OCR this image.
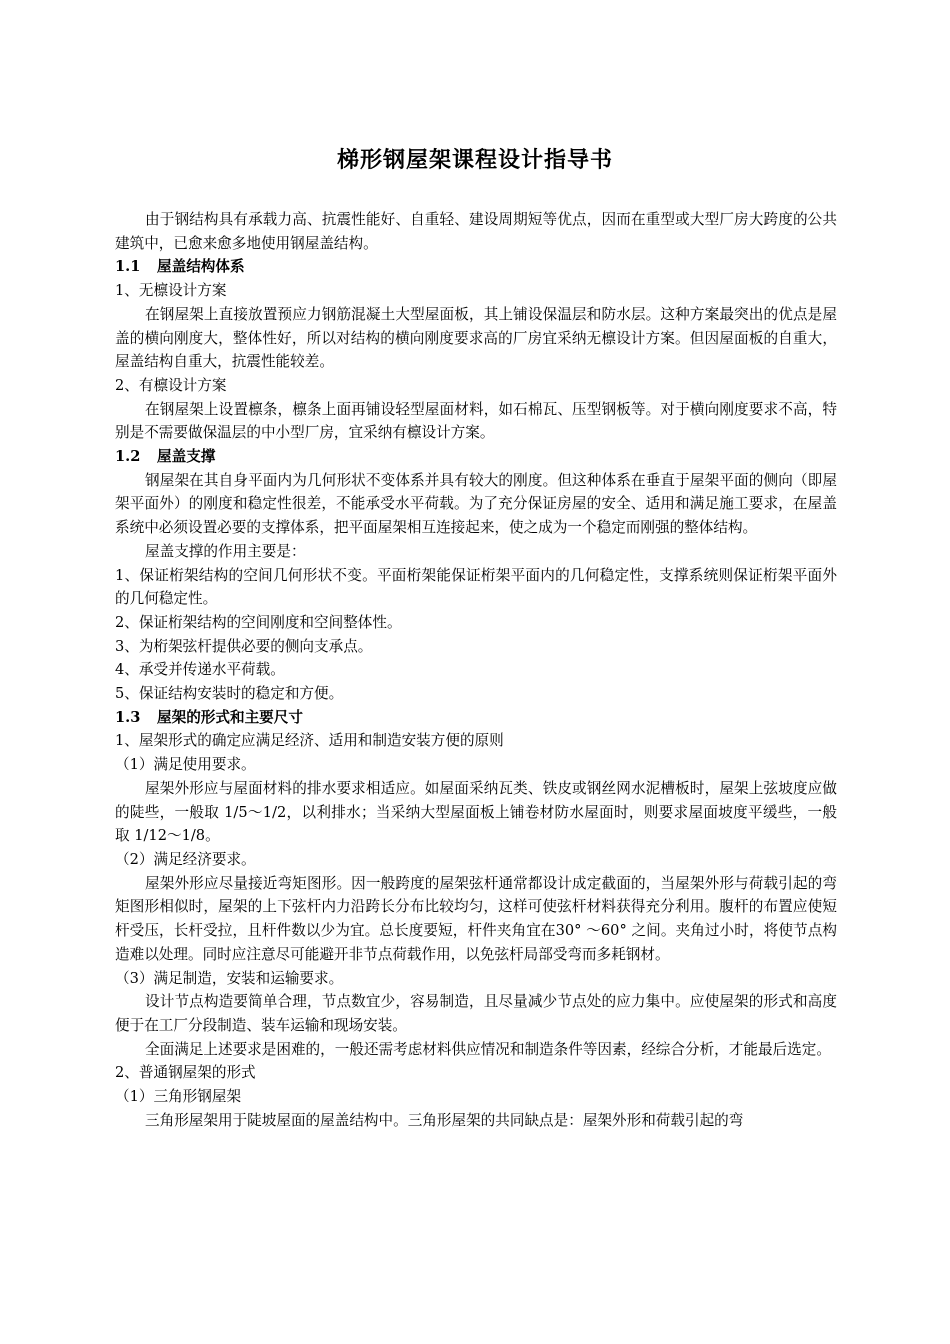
梯形钢屋架课程设计指导书

由于钢结构具有承载力高、抗震性能好、自重轻、建设周期短等优点，因而在重型或大型厂房大跨度的公共建筑中，已愈来愈多地使用钢屋盖结构。

1.1 屋盖结构体系

1、无檩设计方案

在钢屋架上直接放置预应力钢筋混凝土大型屋面板，其上铺设保温层和防水层。这种方案最突出的优点是屋盖的横向刚度大，整体性好，所以对结构的横向刚度要求高的厂房宜采纳无檩设计方案。但因屋面板的自重大，屋盖结构自重大，抗震性能较差。

2、有檩设计方案

在钢屋架上设置檩条，檩条上面再铺设轻型屋面材料，如石棉瓦、压型钢板等。对于横向刚度要求不高，特别是不需要做保温层的中小型厂房，宜采纳有檩设计方案。

1.2 屋盖支撑

钢屋架在其自身平面内为几何形状不变体系并具有较大的刚度。但这种体系在垂直于屋架平面的侧向（即屋架平面外）的刚度和稳定性很差，不能承受水平荷载。为了充分保证房屋的安全、适用和满足施工要求，在屋盖系统中必须设置必要的支撑体系，把平面屋架相互连接起来，使之成为一个稳定而刚强的整体结构。

屋盖支撑的作用主要是：

1、保证桁架结构的空间几何形状不变。平面桁架能保证桁架平面内的几何稳定性，支撑系统则保证桁架平面外的几何稳定性。

2、保证桁架结构的空间刚度和空间整体性。

3、为桁架弦杆提供必要的侧向支承点。

4、承受并传递水平荷载。

5、保证结构安装时的稳定和方便。

1.3 屋架的形式和主要尺寸

1、屋架形式的确定应满足经济、适用和制造安装方便的原则

（1）满足使用要求。

屋架外形应与屋面材料的排水要求相适应。如屋面采纳瓦类、铁皮或钢丝网水泥槽板时，屋架上弦坡度应做的陡些，一般取 1/5～1/2，以利排水；当采纳大型屋面板上铺卷材防水屋面时，则要求屋面坡度平缓些，一般取 1/12～1/8。

（2）满足经济要求。

屋架外形应尽量接近弯矩图形。因一般跨度的屋架弦杆通常都设计成定截面的，当屋架外形与荷载引起的弯矩图形相似时，屋架的上下弦杆内力沿跨长分布比较均匀，这样可使弦杆材料获得充分利用。腹杆的布置应使短杆受压，长杆受拉，且杆件数以少为宜。总长度要短，杆件夹角宜在30° ～60° 之间。夹角过小时，将使节点构造难以处理。同时应注意尽可能避开非节点荷载作用，以免弦杆局部受弯而多耗钢材。

（3）满足制造，安装和运输要求。

设计节点构造要简单合理，节点数宜少，容易制造，且尽量减少节点处的应力集中。应使屋架的形式和高度便于在工厂分段制造、装车运输和现场安装。

全面满足上述要求是困难的，一般还需考虑材料供应情况和制造条件等因素，经综合分析，才能最后选定。

2、普通钢屋架的形式

（1）三角形钢屋架

三角形屋架用于陡坡屋面的屋盖结构中。三角形屋架的共同缺点是：屋架外形和荷载引起的弯
